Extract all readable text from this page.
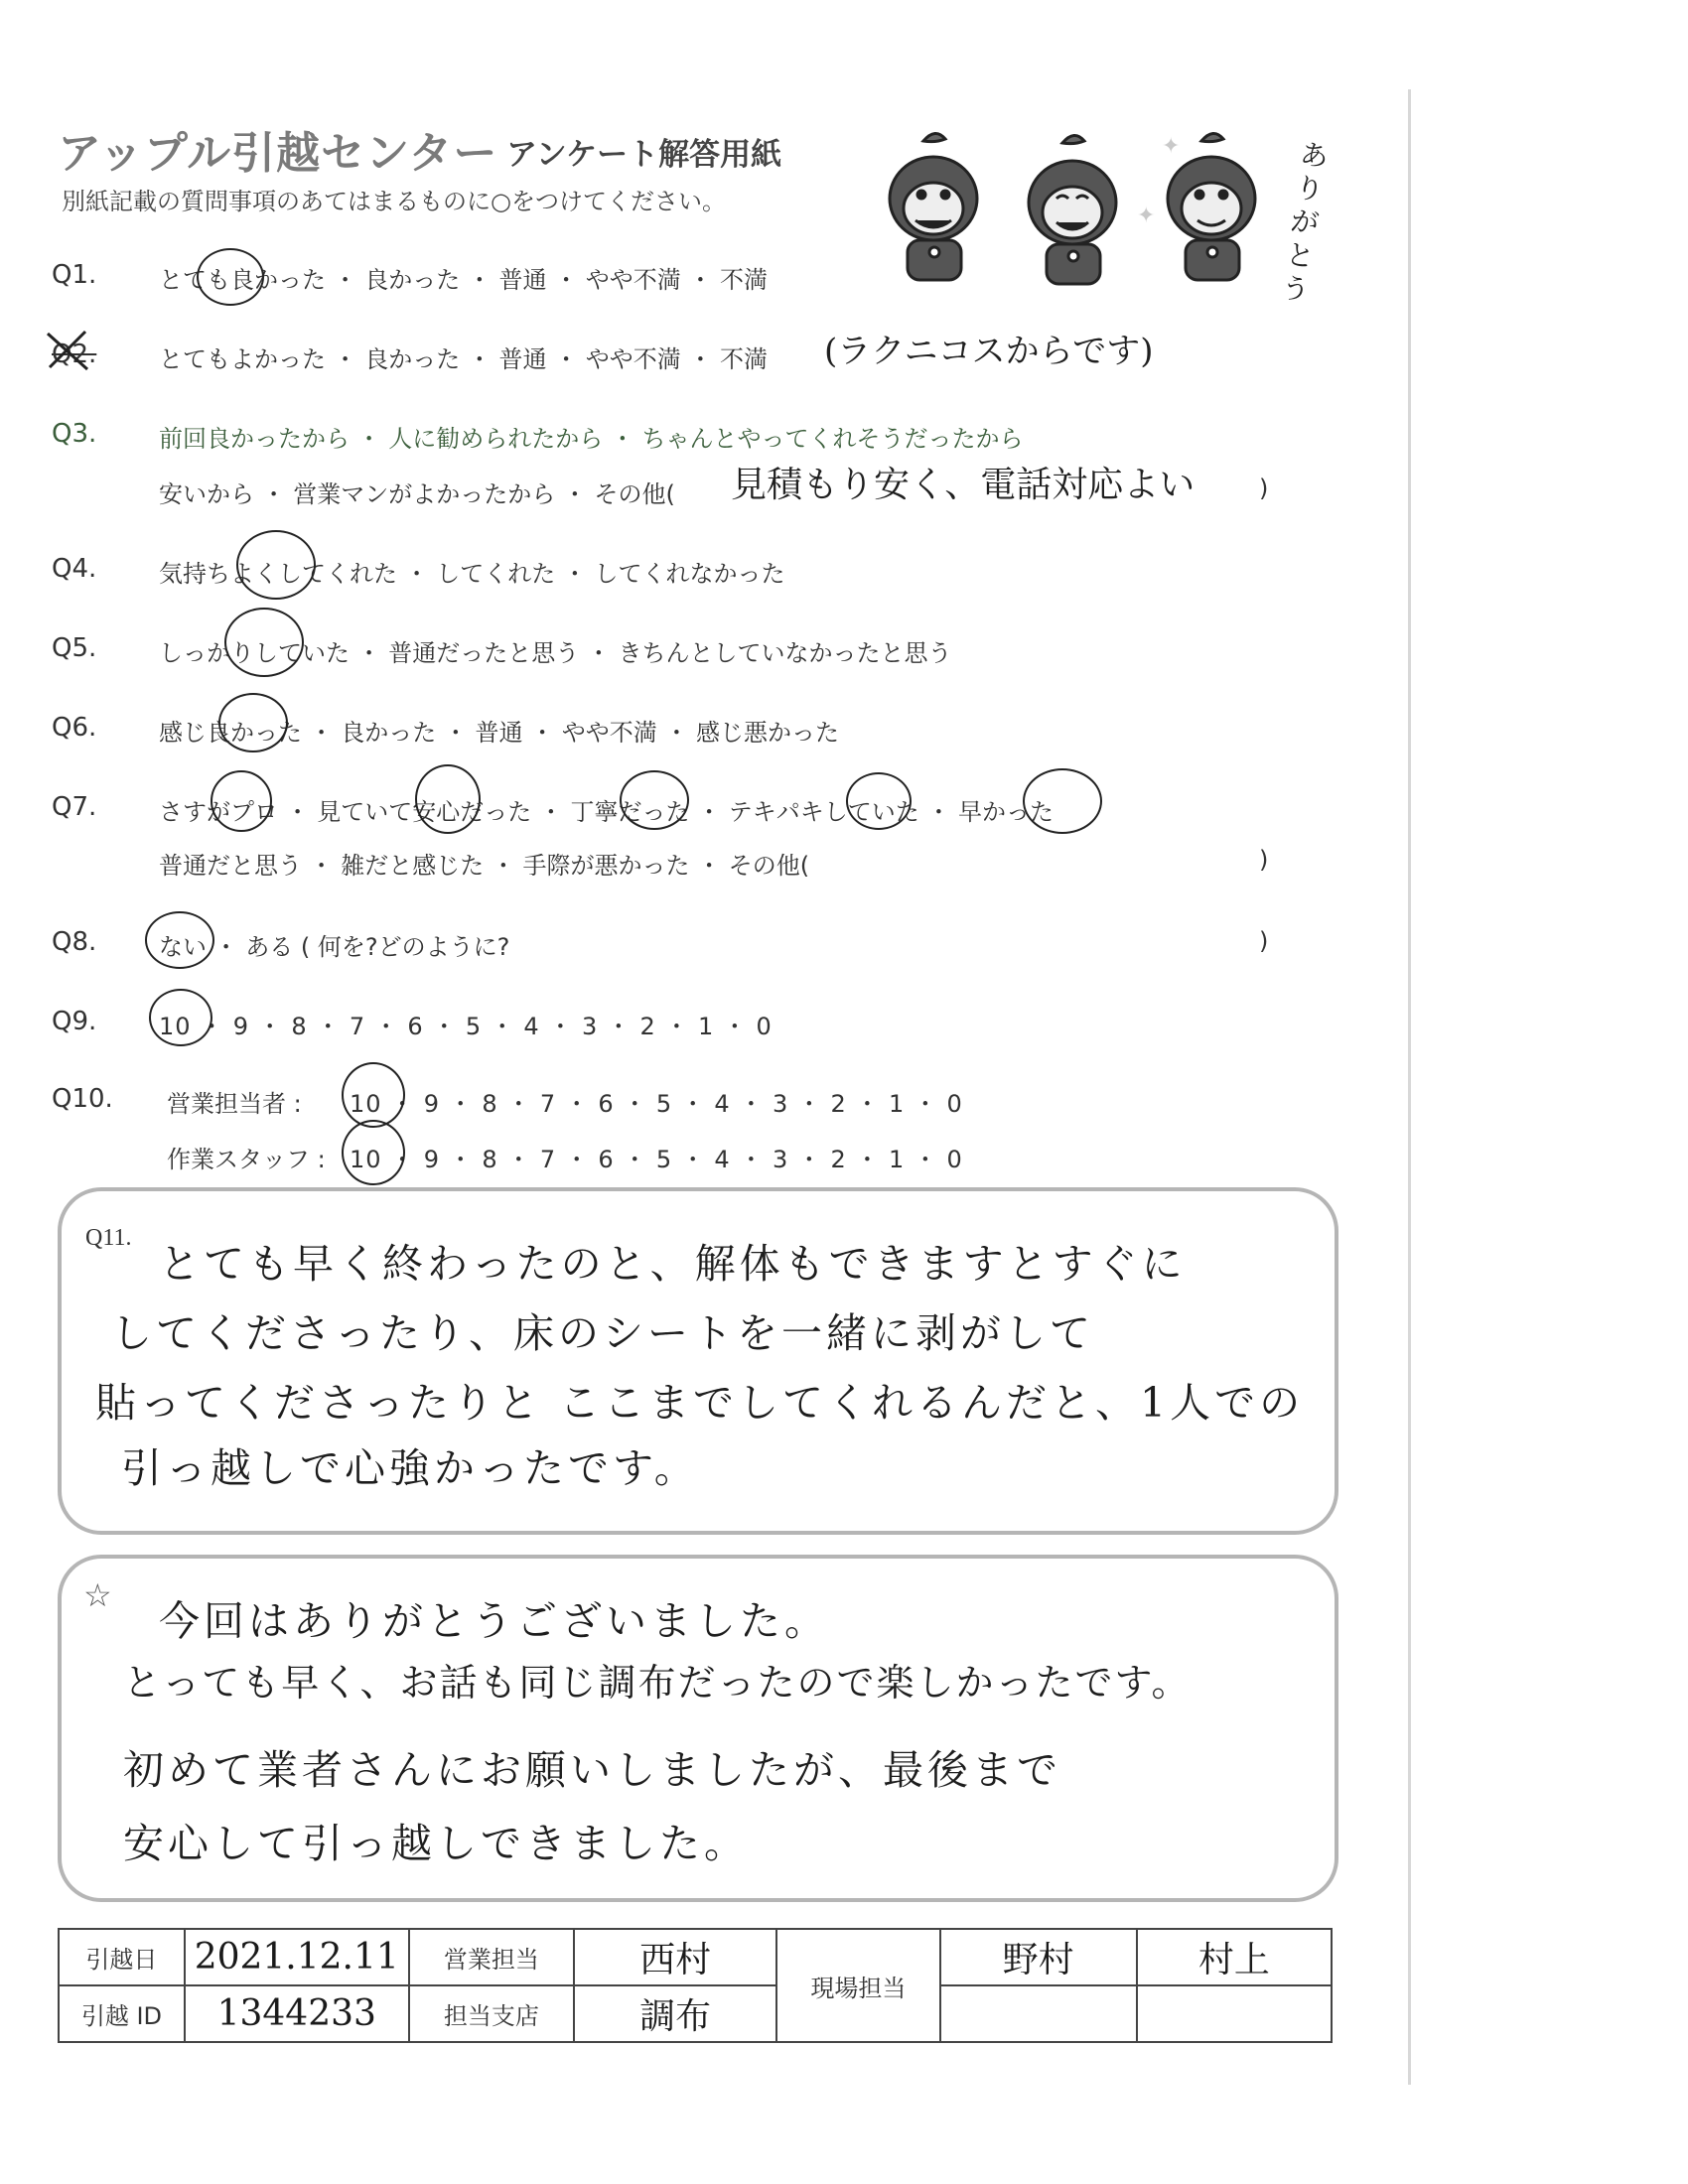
アップル引越センター アンケート解答用紙
別紙記載の質問事項のあてはまるものに○をつけてください。
ありがとう
✦
✦
Q1.	とても良かった ・ 良かった ・ 普通 ・ やや不満 ・ 不満
Q2.	とてもよかった ・ 良かった ・ 普通 ・ やや不満 ・ 不満 (ラクニコスからです)
Q3.	前回良かったから ・ 人に勧められたから ・ ちゃんとやってくれそうだったから
安いから ・ 営業マンがよかったから ・ その他( 見積もり安く、電話対応よい	)
Q4.	気持ちよくしてくれた ・ してくれた ・ してくれなかった
Q5.	しっかりしていた ・ 普通だったと思う ・ きちんとしていなかったと思う
Q6.	感じ良かった ・ 良かった ・ 普通 ・ やや不満 ・ 感じ悪かった
Q7.	さすがプロ ・ 見ていて安心だった ・ 丁寧だった ・ テキパキしていた ・ 早かった
普通だと思う ・ 雑だと感じた ・ 手際が悪かった ・ その他(	)
Q8.	ない ・ ある ( 何を?どのように?	)
Q9.	10 ・ 9 ・ 8 ・ 7 ・ 6 ・ 5 ・ 4 ・ 3 ・ 2 ・ 1 ・ 0
Q10. 営業担当者 : 10 ・ 9 ・ 8 ・ 7 ・ 6 ・ 5 ・ 4 ・ 3 ・ 2 ・ 1 ・ 0
作業スタッフ : 10 ・ 9 ・ 8 ・ 7 ・ 6 ・ 5 ・ 4 ・ 3 ・ 2 ・ 1 ・ 0
Q11.
とても早く終わったのと、解体もできますとすぐに
してくださったり、床のシートを一緒に剥がして
貼ってくださったりと ここまでしてくれるんだと、1人での
引っ越しで心強かったです。
☆
今回はありがとうございました。
とっても早く、お話も同じ調布だったので楽しかったです。
初めて業者さんにお願いしましたが、最後まで
安心して引っ越しできました。
引越日	2021.12.11	営業担当	西村	現場担当	野村	村上
引越 ID	1344233	担当支店	調布			
